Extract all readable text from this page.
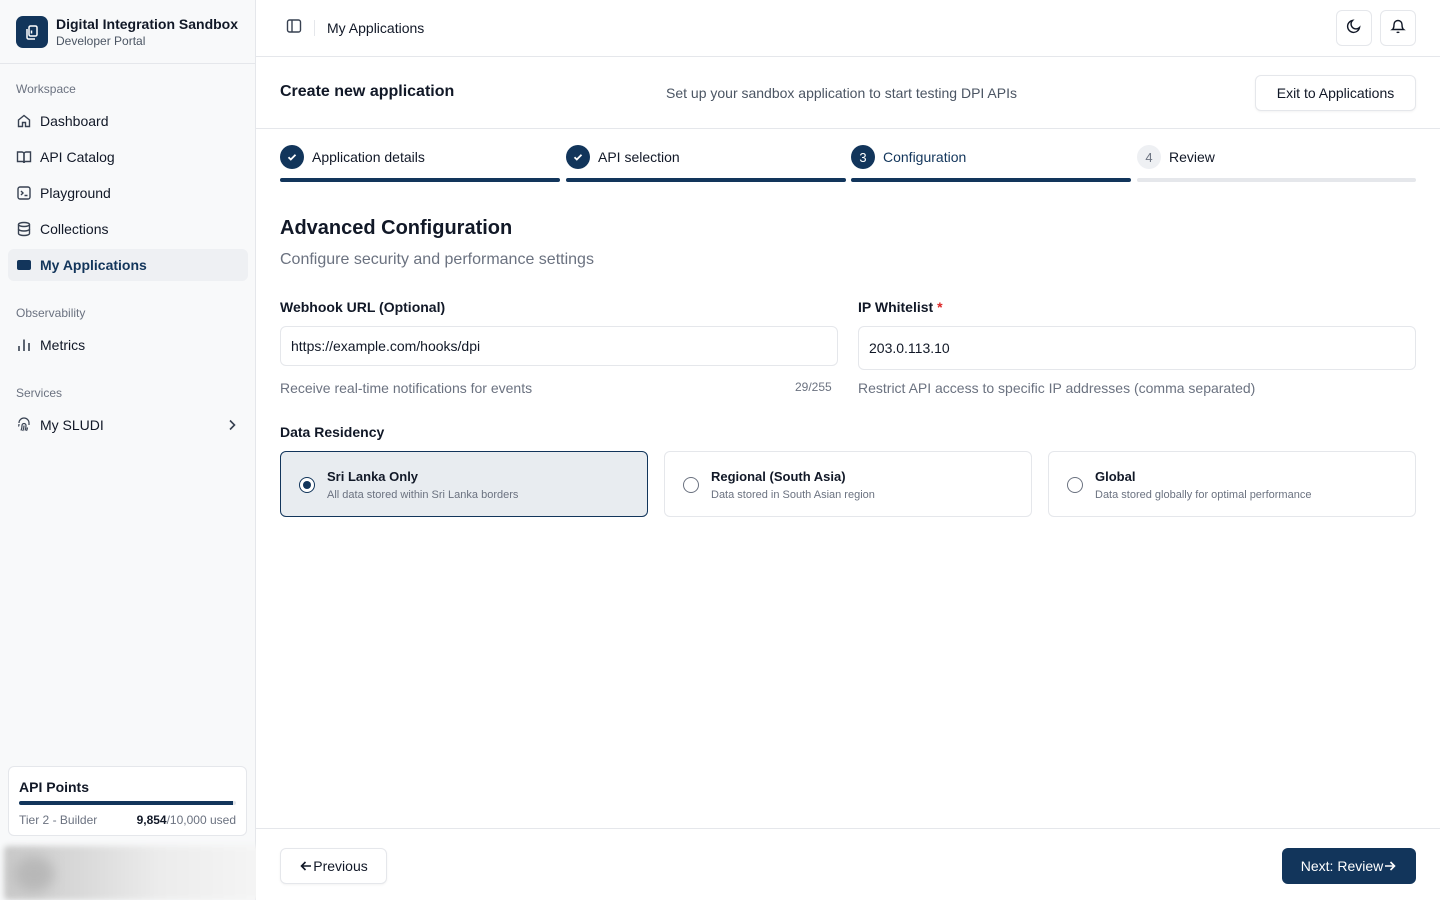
Digital Integration Sandbox
Developer Portal
Workspace
Dashboard
API Catalog
Playground
Collections
My Applications
Observability
Metrics
Services
My SLUDI
API Points
Tier 2 - Builder	9,854/10,000 used
My Applications
Create new application	Set up your sandbox application to start testing DPI APIs	Exit to Applications
Application details	API selection	3	Configuration	4	Review
Advanced Configuration

Configure security and performance settings

Webhook URL (Optional)
https://example.com/hooks/dpi
Receive real-time notifications for events	29/255
IP Whitelist *
203.0.113.10
Restrict API access to specific IP addresses (comma separated)
Data Residency
Sri Lanka Only
All data stored within Sri Lanka borders
Regional (South Asia)
Data stored in South Asian region
Global
Data stored globally for optimal performance
Previous	Next: Review
